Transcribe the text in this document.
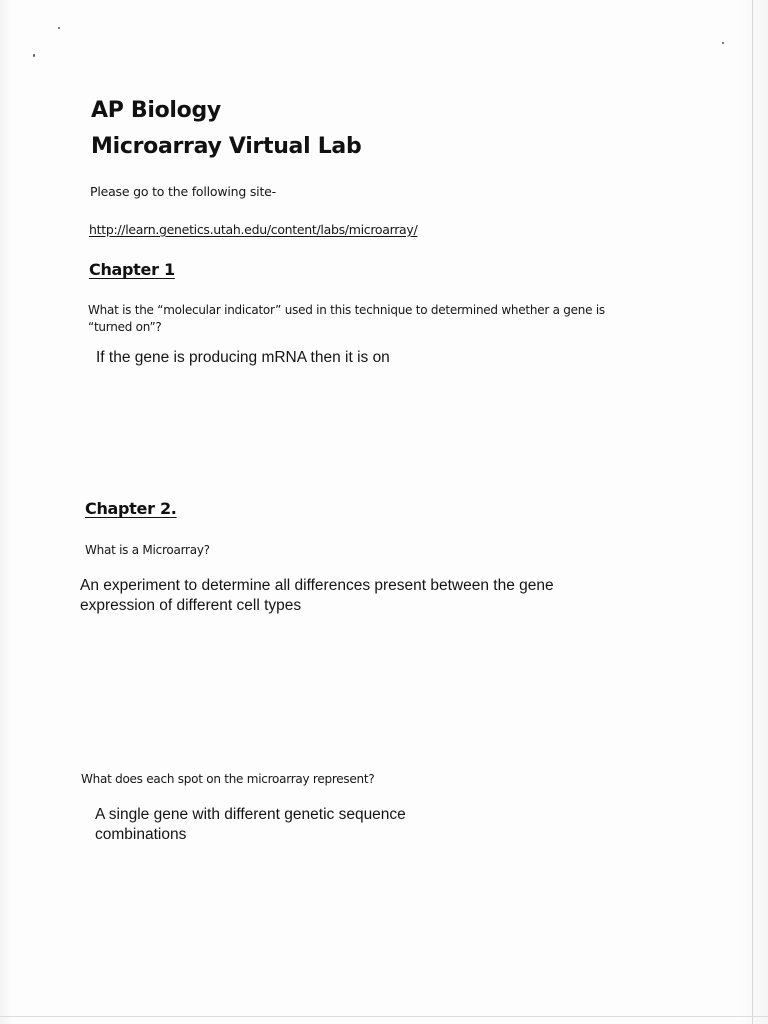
AP Biology
Microarray Virtual Lab

Please go to the following site-

http://learn.genetics.utah.edu/content/labs/microarray/

Chapter 1

What is the “molecular indicator” used in this technique to determined whether a gene is “turned on”?

If the gene is producing mRNA then it is on

Chapter 2.

What is a Microarray?

An experiment to determine all differences present between the gene expression of different cell types

What does each spot on the microarray represent?

A single gene with different genetic sequence combinations
